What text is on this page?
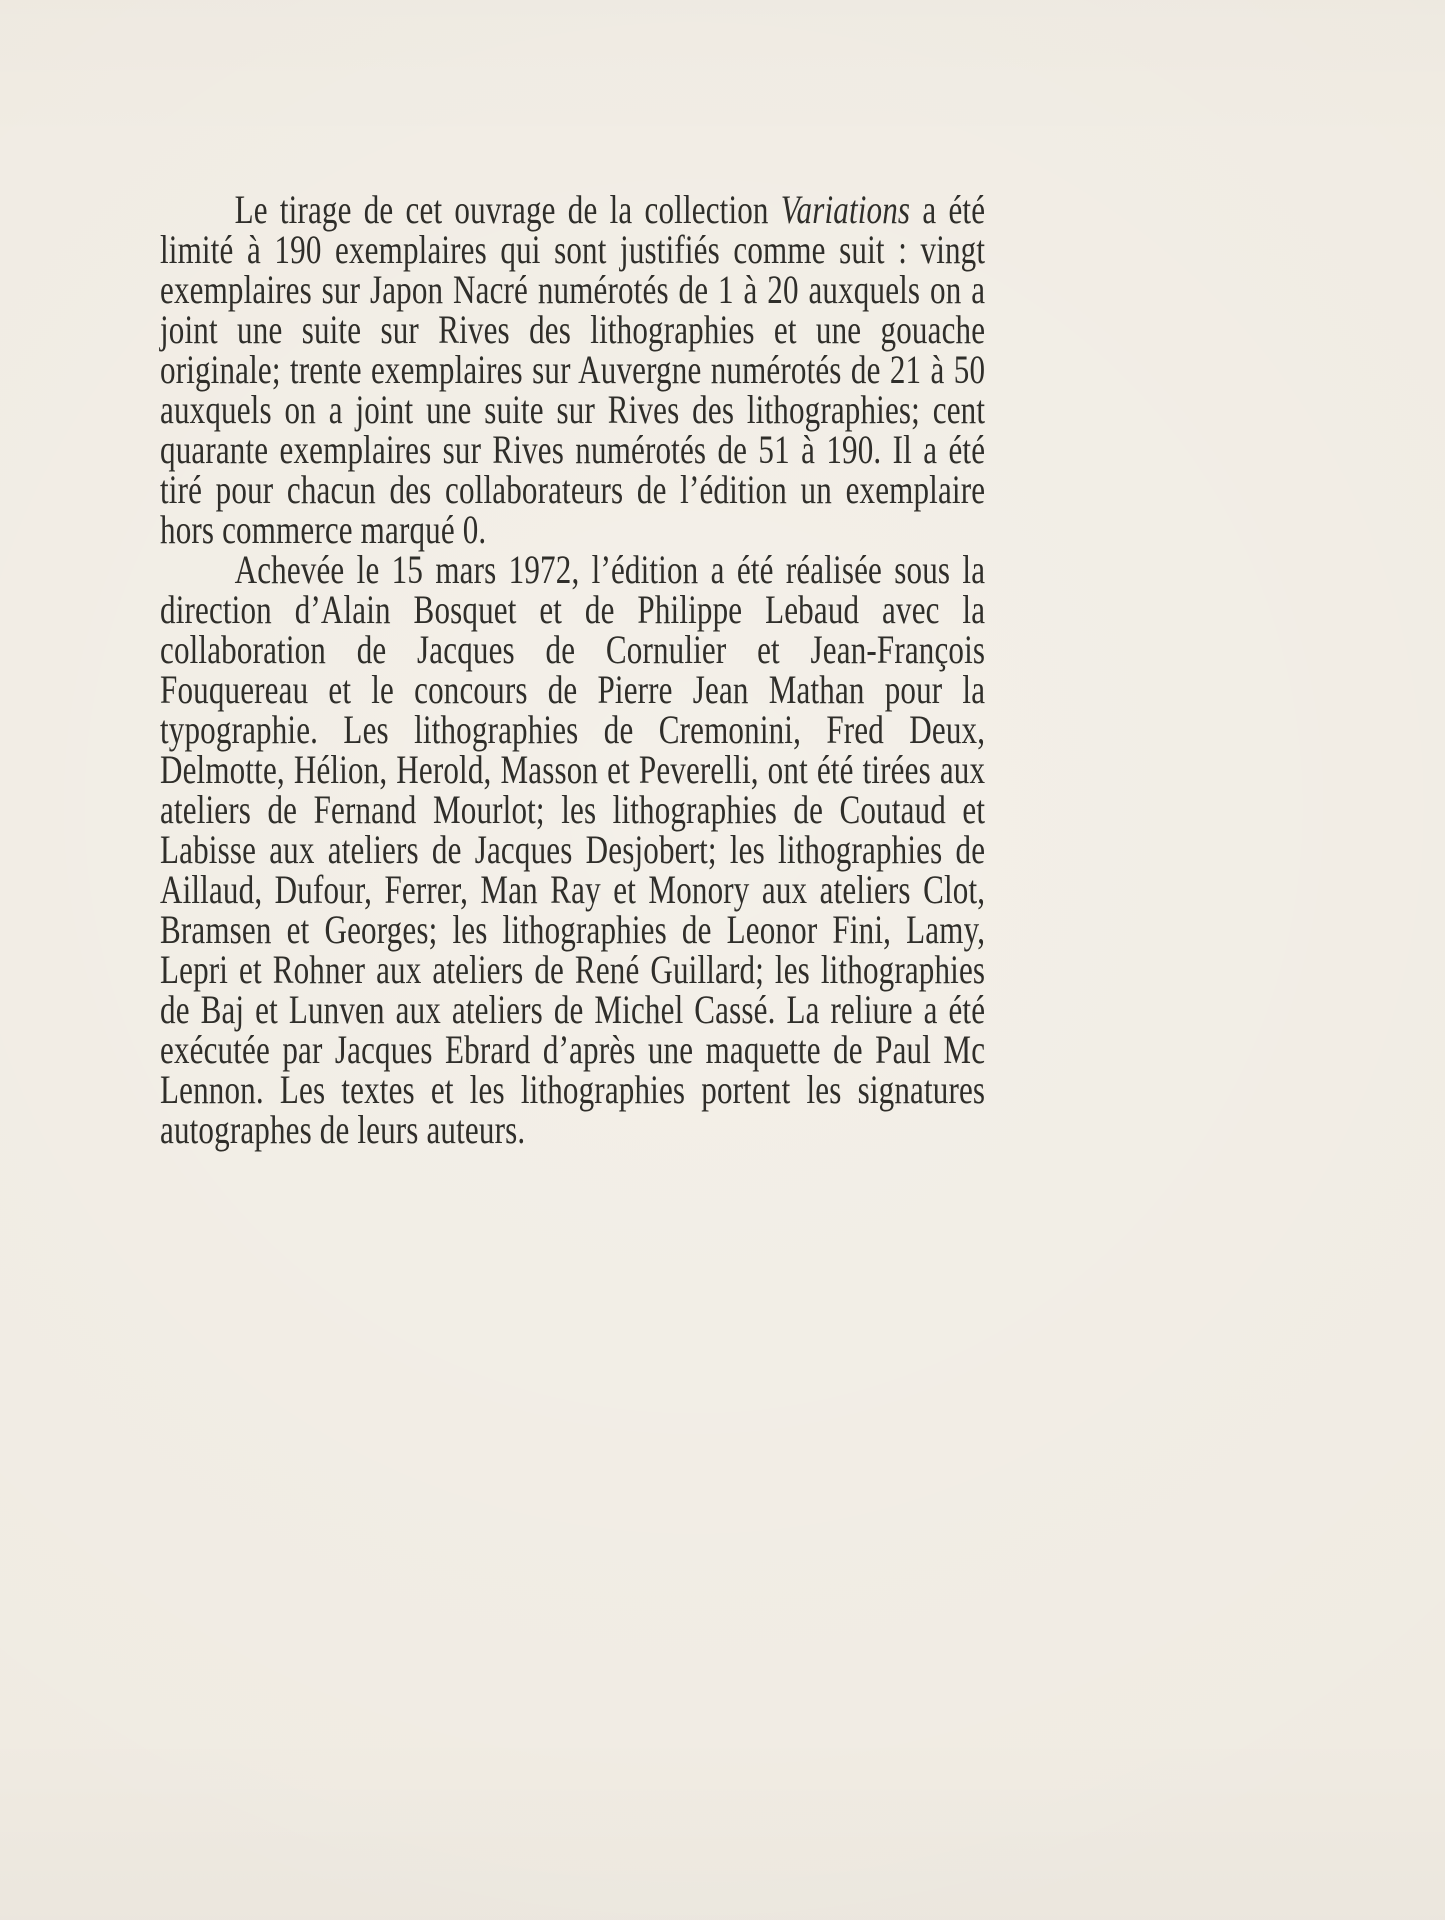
Le tirage de cet ouvrage de la collection Variations a été limité à 190 exemplaires qui sont justifiés comme suit : vingt exemplaires sur Japon Nacré numérotés de 1 à 20 auxquels on a joint une suite sur Rives des lithographies et une gouache originale; trente exemplaires sur Auvergne numérotés de 21 à 50 auxquels on a joint une suite sur Rives des lithographies; cent quarante exemplaires sur Rives numérotés de 51 à 190. Il a été tiré pour chacun des collaborateurs de l’édition un exemplaire hors commerce marqué 0.

Achevée le 15 mars 1972, l’édition a été réalisée sous la direction d’Alain Bosquet et de Philippe Lebaud avec la collaboration de Jacques de Cornulier et Jean-François Fouquereau et le concours de Pierre Jean Mathan pour la typographie. Les lithographies de Cremonini, Fred Deux, Delmotte, Hélion, Herold, Masson et Peverelli, ont été tirées aux ateliers de Fernand Mourlot; les lithographies de Coutaud et Labisse aux ateliers de Jacques Desjobert; les lithographies de Aillaud, Dufour, Ferrer, Man Ray et Monory aux ateliers Clot, Bramsen et Georges; les lithographies de Leonor Fini, Lamy, Lepri et Rohner aux ateliers de René Guillard; les lithographies de Baj et Lunven aux ateliers de Michel Cassé. La reliure a été exécutée par Jacques Ebrard d’après une maquette de Paul Mc Lennon. Les textes et les lithographies portent les signatures autographes de leurs auteurs.
